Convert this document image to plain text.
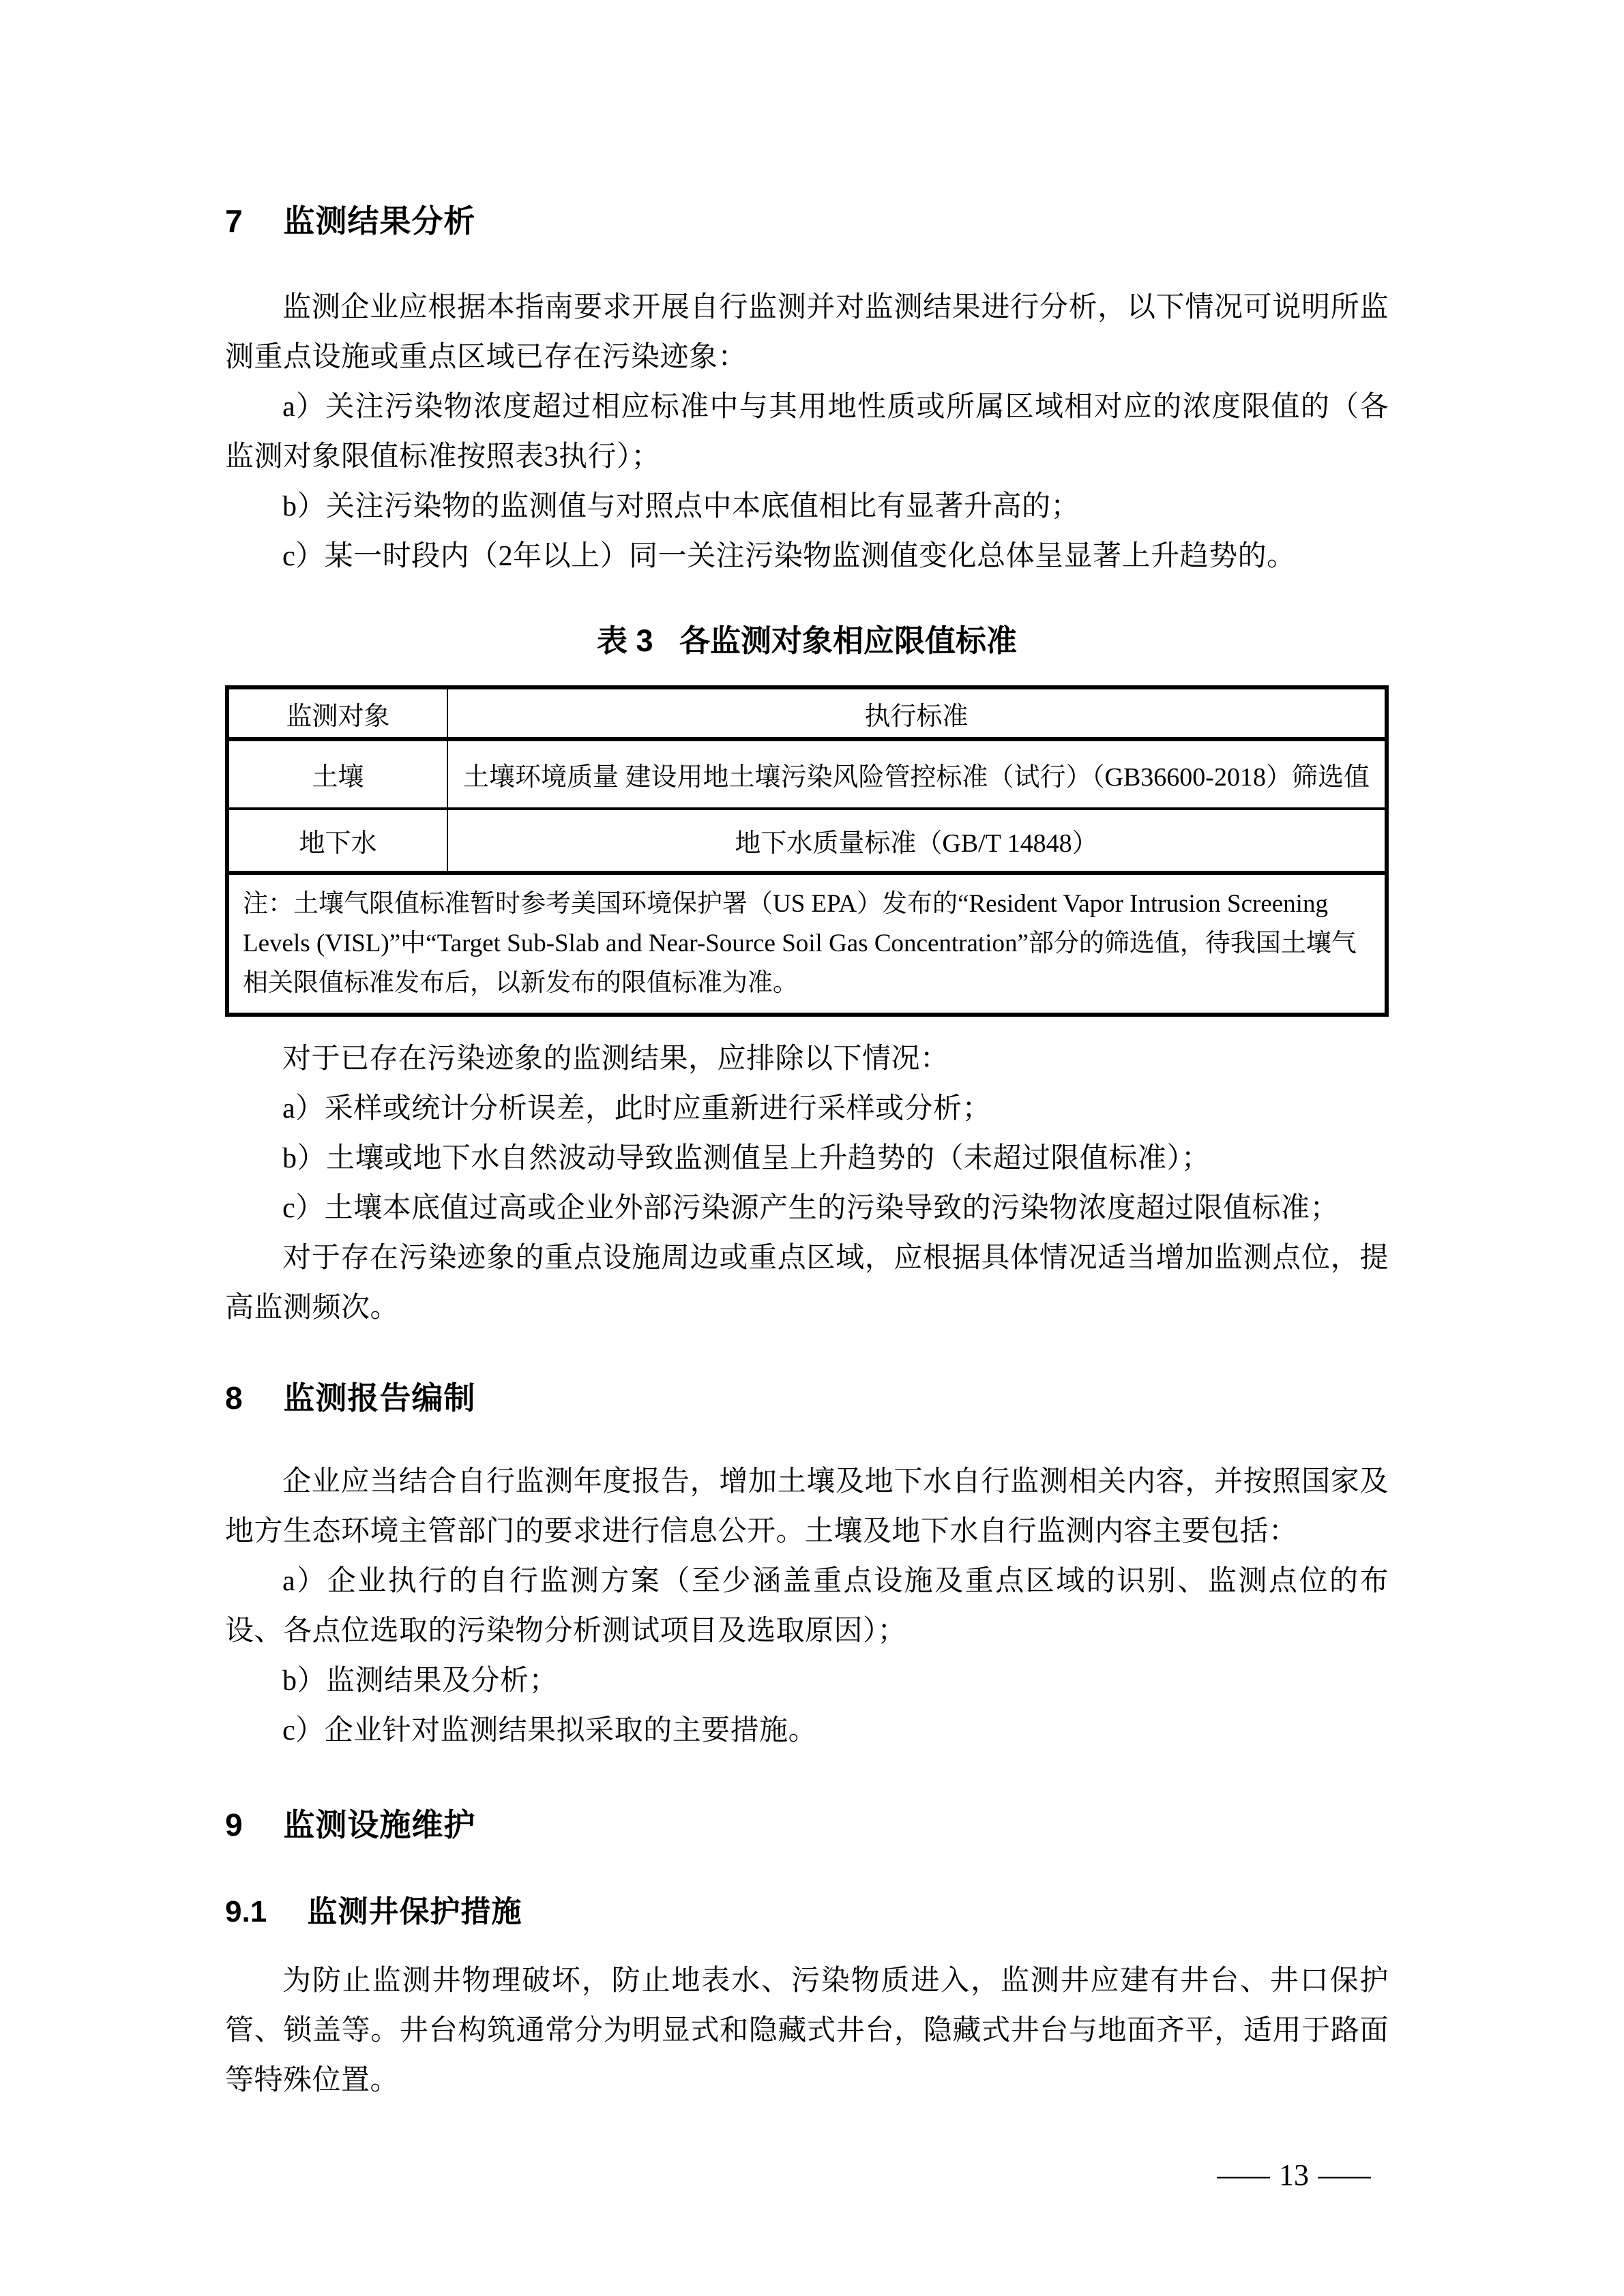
7 监测结果分析

监测企业应根据本指南要求开展自行监测并对监测结果进行分析，以下情况可说明所监测重点设施或重点区域已存在污染迹象：

a）关注污染物浓度超过相应标准中与其用地性质或所属区域相对应的浓度限值的（各监测对象限值标准按照表3执行）；

b）关注污染物的监测值与对照点中本底值相比有显著升高的；

c）某一时段内（2年以上）同一关注污染物监测值变化总体呈显著上升趋势的。

表 3 各监测对象相应限值标准
监测对象	执行标准
土壤	土壤环境质量 建设用地土壤污染风险管控标准（试行）（GB36600-2018）筛选值
地下水	地下水质量标准（GB/T 14848）
注：土壤气限值标准暂时参考美国环境保护署（US EPA）发布的“Resident Vapor Intrusion Screening Levels (VISL)”中“Target Sub-Slab and Near-Source Soil Gas Concentration”部分的筛选值，待我国土壤气相关限值标准发布后，以新发布的限值标准为准。	

对于已存在污染迹象的监测结果，应排除以下情况：

a）采样或统计分析误差，此时应重新进行采样或分析；

b）土壤或地下水自然波动导致监测值呈上升趋势的（未超过限值标准）；

c）土壤本底值过高或企业外部污染源产生的污染导致的污染物浓度超过限值标准；

对于存在污染迹象的重点设施周边或重点区域，应根据具体情况适当增加监测点位，提高监测频次。

8 监测报告编制

企业应当结合自行监测年度报告，增加土壤及地下水自行监测相关内容，并按照国家及地方生态环境主管部门的要求进行信息公开。土壤及地下水自行监测内容主要包括：

a）企业执行的自行监测方案（至少涵盖重点设施及重点区域的识别、监测点位的布设、各点位选取的污染物分析测试项目及选取原因）；

b）监测结果及分析；

c）企业针对监测结果拟采取的主要措施。

9 监测设施维护
9.1 监测井保护措施

为防止监测井物理破坏，防止地表水、污染物质进入，监测井应建有井台、井口保护管、锁盖等。井台构筑通常分为明显式和隐藏式井台，隐藏式井台与地面齐平，适用于路面等特殊位置。

— 13 —
